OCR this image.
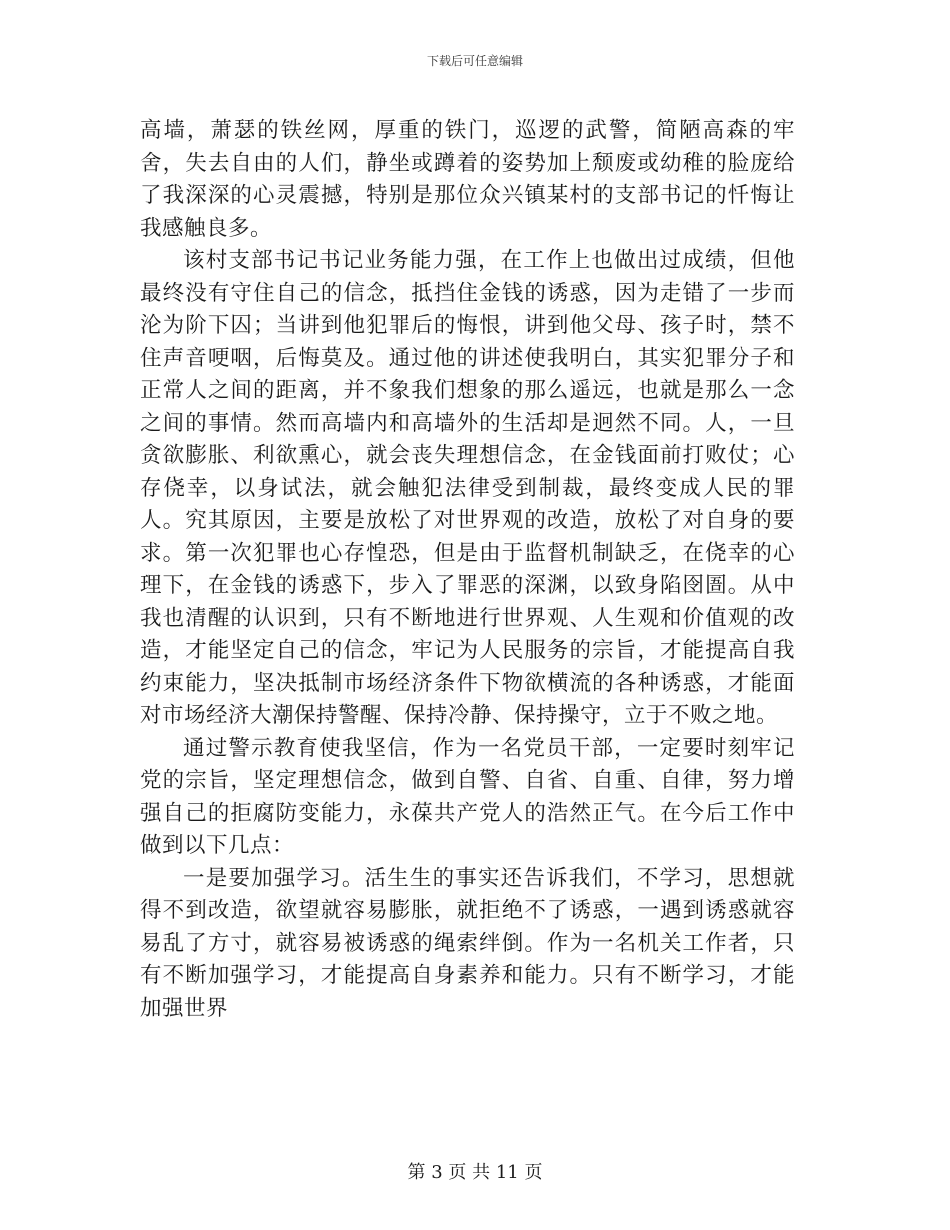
下载后可任意编辑

高墙，萧瑟的铁丝网，厚重的铁门，巡逻的武警，简陋高森的牢舍，失去自由的人们，静坐或蹲着的姿势加上颓废或幼稚的脸庞给了我深深的心灵震撼，特别是那位众兴镇某村的支部书记的忏悔让我感触良多。

该村支部书记书记业务能力强，在工作上也做出过成绩，但他最终没有守住自己的信念，抵挡住金钱的诱惑，因为走错了一步而沦为阶下囚；当讲到他犯罪后的悔恨，讲到他父母、孩子时，禁不住声音哽咽，后悔莫及。通过他的讲述使我明白，其实犯罪分子和正常人之间的距离，并不象我们想象的那么遥远，也就是那么一念之间的事情。然而高墙内和高墙外的生活却是迥然不同。人，一旦贪欲膨胀、利欲熏心，就会丧失理想信念，在金钱面前打败仗；心存侥幸，以身试法，就会触犯法律受到制裁，最终变成人民的罪人。究其原因，主要是放松了对世界观的改造，放松了对自身的要求。第一次犯罪也心存惶恐，但是由于监督机制缺乏，在侥幸的心理下，在金钱的诱惑下，步入了罪恶的深渊，以致身陷囹圄。从中我也清醒的认识到，只有不断地进行世界观、人生观和价值观的改造，才能坚定自己的信念，牢记为人民服务的宗旨，才能提高自我约束能力，坚决抵制市场经济条件下物欲横流的各种诱惑，才能面对市场经济大潮保持警醒、保持冷静、保持操守，立于不败之地。

通过警示教育使我坚信，作为一名党员干部，一定要时刻牢记党的宗旨，坚定理想信念，做到自警、自省、自重、自律，努力增强自己的拒腐防变能力，永葆共产党人的浩然正气。在今后工作中做到以下几点：

一是要加强学习。活生生的事实还告诉我们，不学习，思想就得不到改造，欲望就容易膨胀，就拒绝不了诱惑，一遇到诱惑就容易乱了方寸，就容易被诱惑的绳索绊倒。作为一名机关工作者，只有不断加强学习，才能提高自身素养和能力。只有不断学习，才能加强世界

第 3 页 共 11 页
